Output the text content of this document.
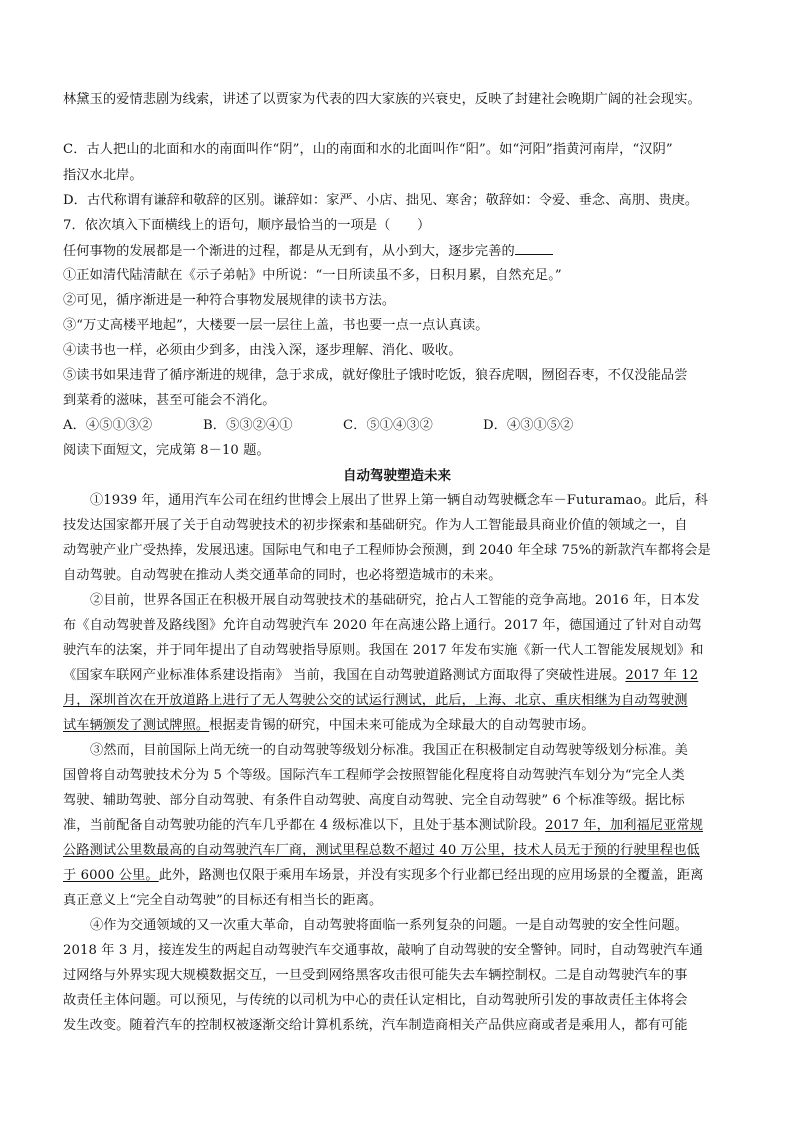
林黛玉的爱情悲剧为线索，讲述了以贾家为代表的四大家族的兴衰史，反映了封建社会晚期广阔的社会现实。
C．古人把山的北面和水的南面叫作“阴”，山的南面和水的北面叫作“阳”。如“河阳”指黄河南岸，“汉阴”
指汉水北岸。
D．古代称谓有谦辞和敬辞的区别。谦辞如：家严、小店、拙见、寒舍；敬辞如：令爱、垂念、高朋、贵庚。
7．依次填入下面横线上的语句，顺序最恰当的一项是（　　）
任何事物的发展都是一个渐进的过程，都是从无到有，从小到大，逐步完善的
①正如清代陆清献在《示子弟帖》中所说：“一日所读虽不多，日积月累，自然充足。”
②可见，循序渐进是一种符合事物发展规律的读书方法。
③“万丈高楼平地起”，大楼要一层一层往上盖，书也要一点一点认真读。
④读书也一样，必须由少到多，由浅入深，逐步理解、消化、吸收。
⑤读书如果违背了循序渐进的规律，急于求成，就好像肚子饿时吃饭，狼吞虎咽，囫囵吞枣，不仅没能品尝
到菜肴的滋味，甚至可能会不消化。
A．④⑤①③②	B．⑤③②④①	C．⑤①④③②	D．④③①⑤②
阅读下面短文，完成第 8－10 题。
自动驾驶塑造未来
①1939 年，通用汽车公司在纽约世博会上展出了世界上第一辆自动驾驶概念车－Futuramao。此后，科
技发达国家都开展了关于自动驾驶技术的初步探索和基础研究。作为人工智能最具商业价值的领域之一，自
动驾驶产业广受热捧，发展迅速。国际电气和电子工程师协会预测，到 2040 年全球 75%的新款汽车都将会是
自动驾驶。自动驾驶在推动人类交通革命的同时，也必将塑造城市的未来。
②目前，世界各国正在积极开展自动驾驶技术的基础研究，抢占人工智能的竞争高地。2016 年，日本发
布《自动驾驶普及路线图》允许自动驾驶汽车 2020 年在高速公路上通行。2017 年，德国通过了针对自动驾
驶汽车的法案，并于同年提出了自动驾驶指导原则。我国在 2017 年发布实施《新一代人工智能发展规划》和
《国家车联网产业标准体系建设指南》 当前，我国在自动驾驶道路测试方面取得了突破性进展。2017 年 12
月，深圳首次在开放道路上进行了无人驾驶公交的试运行测试，此后，上海、北京、重庆相继为自动驾驶测
试车辆颁发了测试牌照。根据麦肯锡的研究，中国未来可能成为全球最大的自动驾驶市场。
③然而，目前国际上尚无统一的自动驾驶等级划分标准。我国正在积极制定自动驾驶等级划分标准。美
国曾将自动驾驶技术分为 5 个等级。国际汽车工程师学会按照智能化程度将自动驾驶汽车划分为“完全人类
驾驶、辅助驾驶、部分自动驾驶、有条件自动驾驶、高度自动驾驶、完全自动驾驶” 6 个标准等级。据比标
准，当前配备自动驾驶功能的汽车几乎都在 4 级标准以下，且处于基本测试阶段。2017 年，加利福尼亚常规
公路测试公里数最高的自动驾驶汽车厂商，测试里程总数不超过 40 万公里，技术人员无于预的行驶里程也低
于 6000 公里。此外，路测也仅限于乘用车场景，并没有实现多个行业都已经出现的应用场景的全覆盖，距离
真正意义上“完全自动驾驶”的目标还有相当长的距离。
④作为交通领域的又一次重大革命，自动驾驶将面临一系列复杂的问题。一是自动驾驶的安全性问题。
2018 年 3 月，接连发生的两起自动驾驶汽车交通事故，敲响了自动驾驶的安全警钟。同时，自动驾驶汽车通
过网络与外界实现大规模数据交互，一旦受到网络黑客攻击很可能失去车辆控制权。二是自动驾驶汽车的事
故责任主体问题。可以预见，与传统的以司机为中心的责任认定相比，自动驾驶所引发的事故责任主体将会
发生改变。随着汽车的控制权被逐渐交给计算机系统，汽车制造商相关产品供应商或者是乘用人，都有可能
